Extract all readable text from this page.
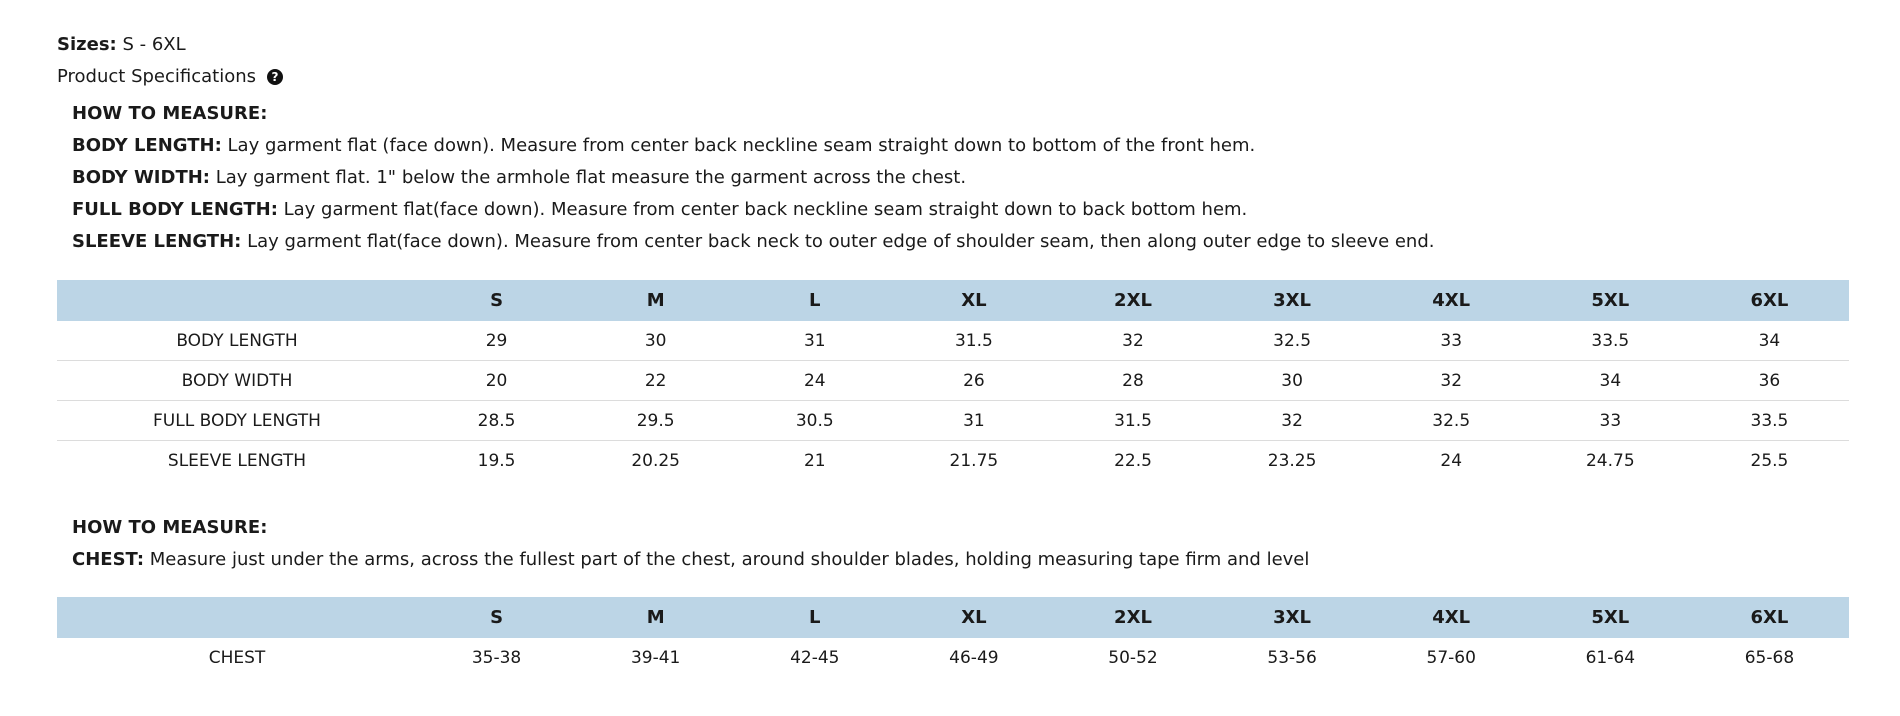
Sizes: S - 6XL
Product Specifications	?
HOW TO MEASURE:
BODY LENGTH: Lay garment flat (face down). Measure from center back neckline seam straight down to bottom of the front hem.
BODY WIDTH: Lay garment flat. 1" below the armhole flat measure the garment across the chest.
FULL BODY LENGTH: Lay garment flat(face down). Measure from center back neckline seam straight down to back bottom hem.
SLEEVE LENGTH: Lay garment flat(face down). Measure from center back neck to outer edge of shoulder seam, then along outer edge to sleeve end.
	S	M	L	XL	2XL	3XL	4XL	5XL	6XL
BODY LENGTH	29	30	31	31.5	32	32.5	33	33.5	34
BODY WIDTH	20	22	24	26	28	30	32	34	36
FULL BODY LENGTH	28.5	29.5	30.5	31	31.5	32	32.5	33	33.5
SLEEVE LENGTH	19.5	20.25	21	21.75	22.5	23.25	24	24.75	25.5
HOW TO MEASURE:
CHEST: Measure just under the arms, across the fullest part of the chest, around shoulder blades, holding measuring tape firm and level
	S	M	L	XL	2XL	3XL	4XL	5XL	6XL
CHEST	35-38	39-41	42-45	46-49	50-52	53-56	57-60	61-64	65-68
